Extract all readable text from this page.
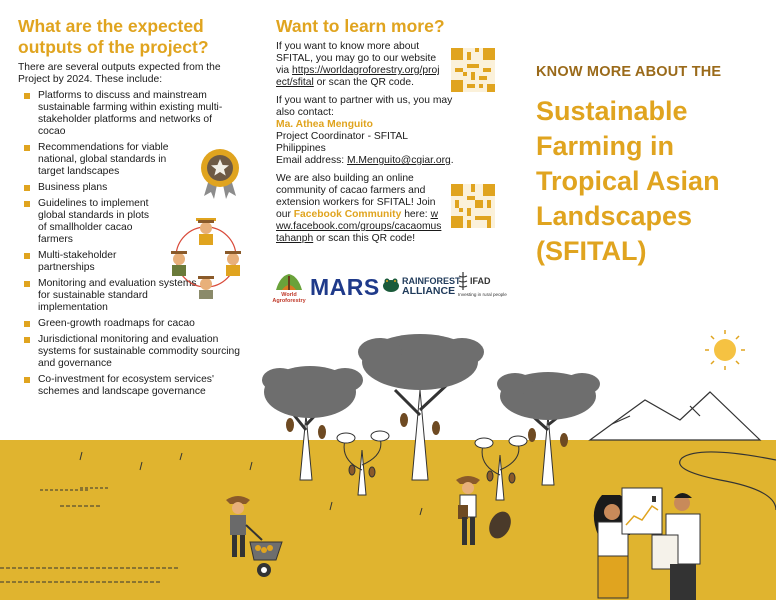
What are the expected
outputs of the project?
There are several outputs expected from the Project by 2024. These include:
Platforms to discuss and mainstream sustainable farming within existing multi-stakeholder platforms and networks of cocao
Recommendations for viable national, global standards in target landscapes
Business plans
Guidelines to implement global standards in plots of smallholder cacao farmers
Multi-stakeholder partnerships
Monitoring and evaluation systems for sustainable standard implementation
Green-growth roadmaps for cacao
Jurisdictional monitoring and evaluation systems for sustainable commodity sourcing and governance
Co-investment for ecosystem services' schemes and landscape governance
Want to learn more?

If you want to know more about SFITAL, you may go to our website via https://worldagroforestry.org/project/sfital or scan the QR code.

If you want to partner with us, you may also contact:
Ma. Athea Menguito
Project Coordinator - SFITAL Philippines
Email address: M.Menguito@cgiar.org.

We are also building an online community of cacao farmers and extension workers for SFITAL! Join our Facebook Community here: www.facebook.com/groups/cacaomustahanph or scan this QR code!

World Agroforestry
MARS RAINFOREST
ALLIANCE
IFAD
Investing in rural people
KNOW MORE ABOUT THE
Sustainable
Farming in
Tropical Asian
Landscapes
(SFITAL)
